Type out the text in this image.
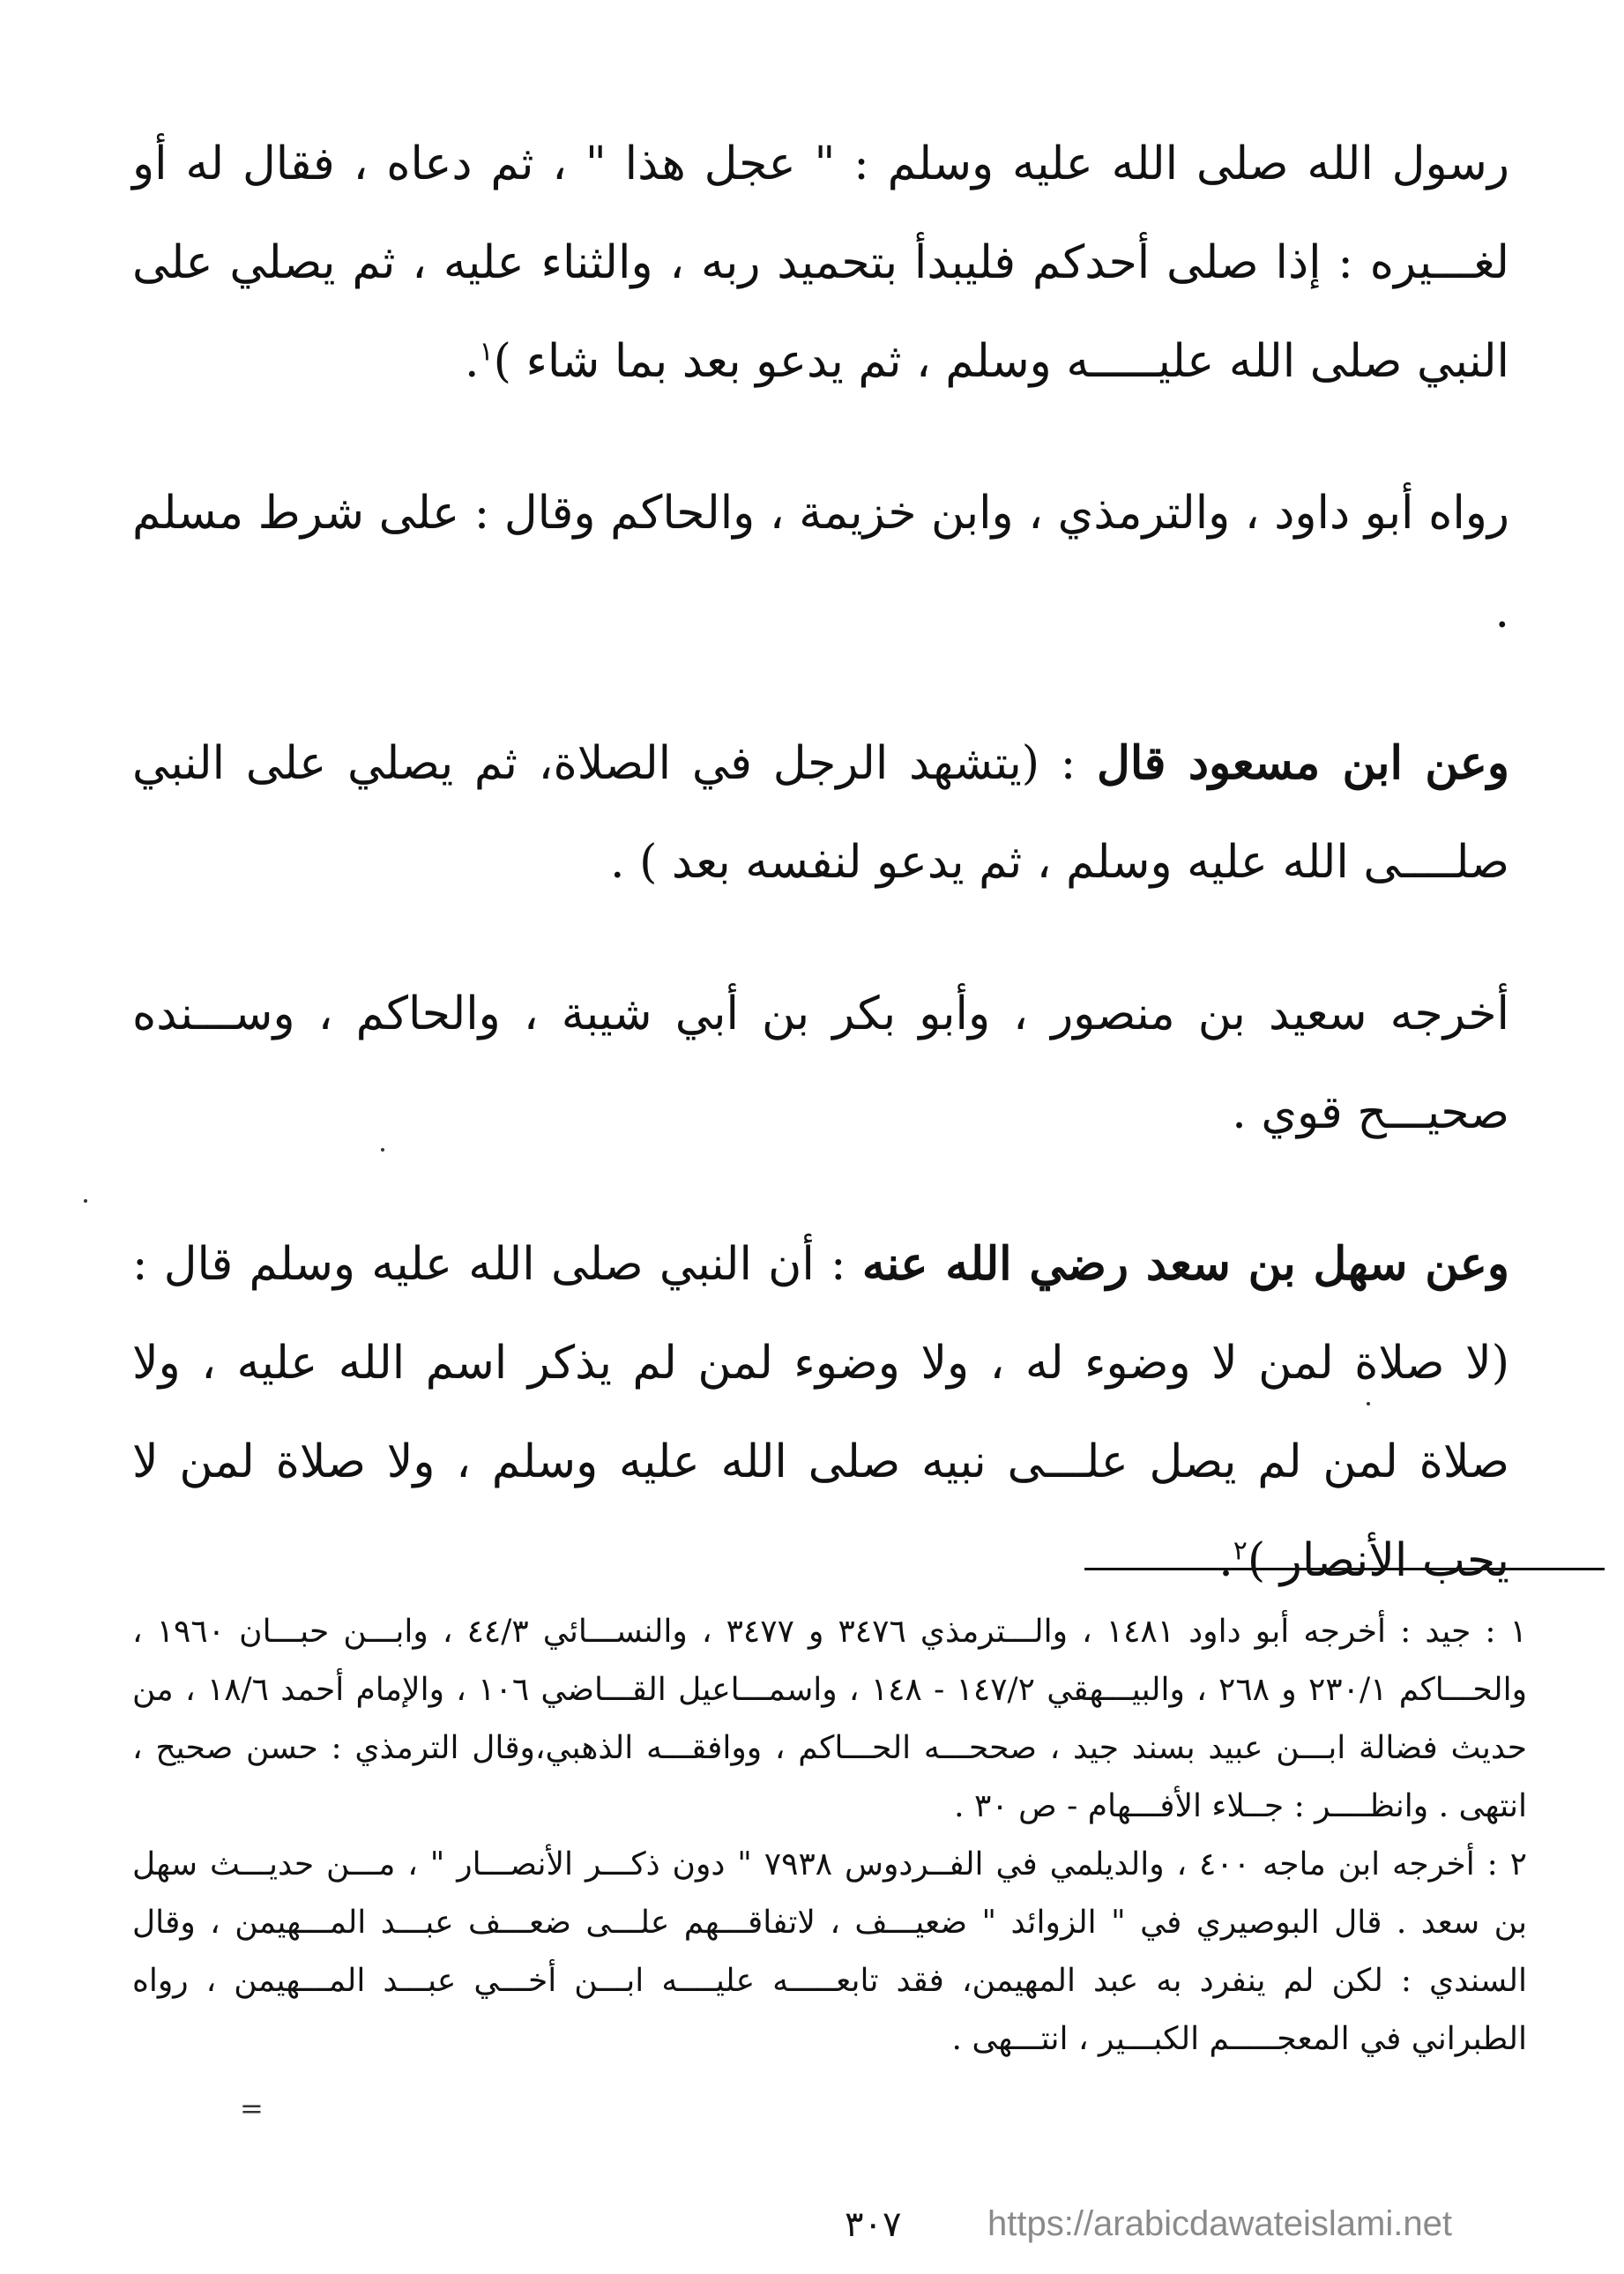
رسول الله صلى الله عليه وسلم : " عجل هذا " ، ثم دعاه ، فقال له أو لغـــيره : إذا صلى أحدكم فليبدأ بتحميد ربه ، والثناء عليه ، ثم يصلي على النبي صلى الله عليـــــه وسلم ، ثم يدعو بعد بما شاء )$^١$.

رواه أبو داود ، والترمذي ، وابن خزيمة ، والحاكم وقال : على شرط مسلم .

وعن ابن مسعود قال : (يتشهد الرجل في الصلاة، ثم يصلي على النبي صلــــى الله عليه وسلم ، ثم يدعو لنفسه بعد ) .

أخرجه سعيد بن منصور ، وأبو بكر بن أبي شيبة ، والحاكم ، وســـنده صحيـــح قوي .

وعن سهل بن سعد رضي الله عنه : أن النبي صلى الله عليه وسلم قال : (لا صلاة لمن لا وضوء له ، ولا وضوء لمن لم يذكر اسم الله عليه ، ولا صلاة لمن لم يصل علـــى نبيه صلى الله عليه وسلم ، ولا صلاة لمن لا يحب الأنصار )$^٢$.

١ : جيد : أخرجه أبو داود ١٤٨١ ، والـــترمذي ٣٤٧٦ و ٣٤٧٧ ، والنســـائي ٤٤/٣ ، وابـــن حبـــان ١٩٦٠ ، والحـــاكم ٢٣٠/١ و ٢٦٨ ، والبيـــهقي ١٤٧/٢ - ١٤٨ ، واسمـــاعيل القـــاضي ١٠٦ ، والإمام أحمد ١٨/٦ ، من حديث فضالة ابـــن عبيد بسند جيد ، صححـــه الحـــاكم ، ووافقـــه الذهبي،وقال الترمذي : حسن صحيح ، انتهى . وانظــــر : جــلاء الأفـــهام - ص ٣٠ .

٢ : أخرجه ابن ماجه ٤٠٠ ، والديلمي في الفــردوس ٧٩٣٨ " دون ذكـــر الأنصـــار " ، مـــن حديـــث سهل بن سعد . قال البوصيري في " الزوائد " ضعيـــف ، لاتفاقـــهم علـــى ضعـــف عبـــد المـــهيمن ، وقال السندي : لكن لم ينفرد به عبد المهيمن، فقد تابعـــــه عليــــه ابـــن أخـــي عبـــد المـــهيمن ، رواه الطبراني في المعجـــــم الكبـــير ، انتـــهى .

=
٣٠٧ https://arabicdawateislami.net
